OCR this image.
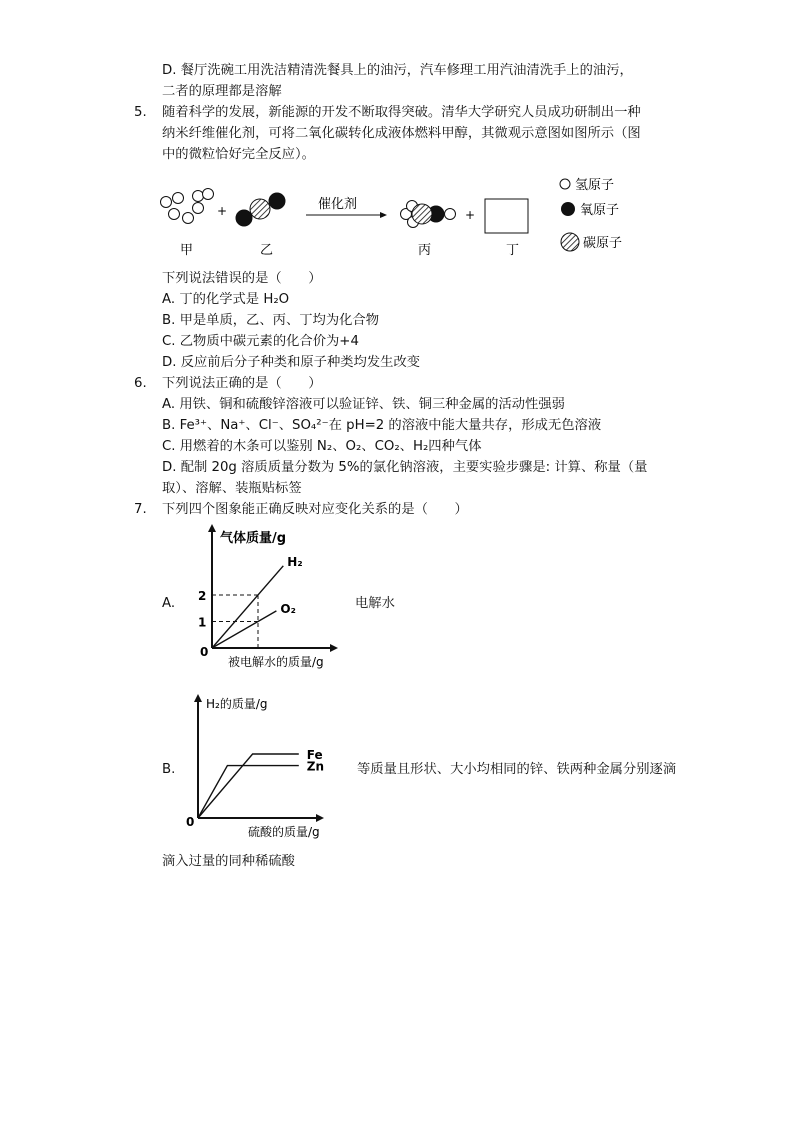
D. 餐厅洗碗工用洗洁精清洗餐具上的油污，汽车修理工用汽油清洗手上的油污，
二者的原理都是溶解
5. 随着科学的发展，新能源的开发不断取得突破。清华大学研究人员成功研制出一种
纳米纤维催化剂，可将二氧化碳转化成液体燃料甲醇，其微观示意图如图所示（图
中的微粒恰好完全反应）。
+	催化剂
+
甲	乙	丙	丁
氢原子
氧原子
碳原子
下列说法错误的是（　　）
A. 丁的化学式是 H₂O
B. 甲是单质，乙、丙、丁均为化合物
C. 乙物质中碳元素的化合价为+4
D. 反应前后分子种类和原子种类均发生改变
6. 下列说法正确的是（　　）
A. 用铁、铜和硫酸锌溶液可以验证锌、铁、铜三种金属的活动性强弱
B. Fe³⁺、Na⁺、Cl⁻、SO₄²⁻在 pH=2 的溶液中能大量共存，形成无色溶液
C. 用燃着的木条可以鉴别 N₂、O₂、CO₂、H₂四种气体
D. 配制 20g 溶质质量分数为 5%的氯化钠溶液，主要实验步骤是: 计算、称量（量
取）、溶解、装瓶贴标签
7. 下列四个图象能正确反映对应变化关系的是（　　）
A.
0
气体质量/g
被电解水的质量/g
1
2
H₂
O₂	电解水
B.
0
H₂的质量/g
硫酸的质量/g
Fe
Zn 等质量且形状、大小均相同的锌、铁两种金属分别逐滴
滴入过量的同种稀硫酸
